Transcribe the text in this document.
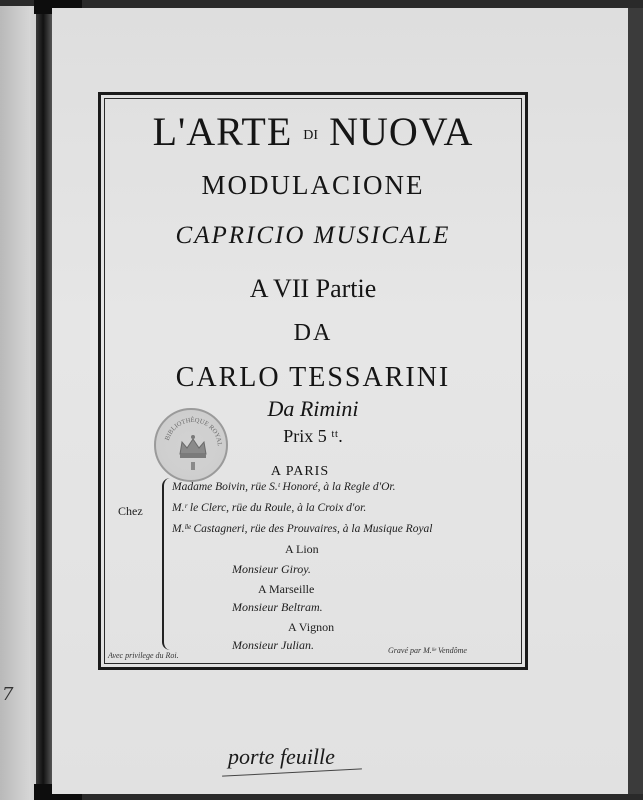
7
L'ARTE DI NUOVA
MODULACIONE
CAPRICIO MUSICALE
A VII Partie
DA
CARLO TESSARINI
Da Rimini
Prix 5 ᵗᵗ.
BIBLIOTHÈQUE ROYAL
A PARIS
Chez
Madame Boivin, rüe S.ᵗ Honoré, à la Regle d'Or.
M.ʳ le Clerc, rüe du Roule, à la Croix d'or.
M.ˡˡᵉ Castagneri, rüe des Prouvaires, à la Musique Royal
A Lion
Monsieur Giroy.
A Marseille
Monsieur Beltram.
A Vignon
Monsieur Julian.
Avec privilege du Roi.
Gravé par M.ˡˡᵉ Vendôme
porte feuille
